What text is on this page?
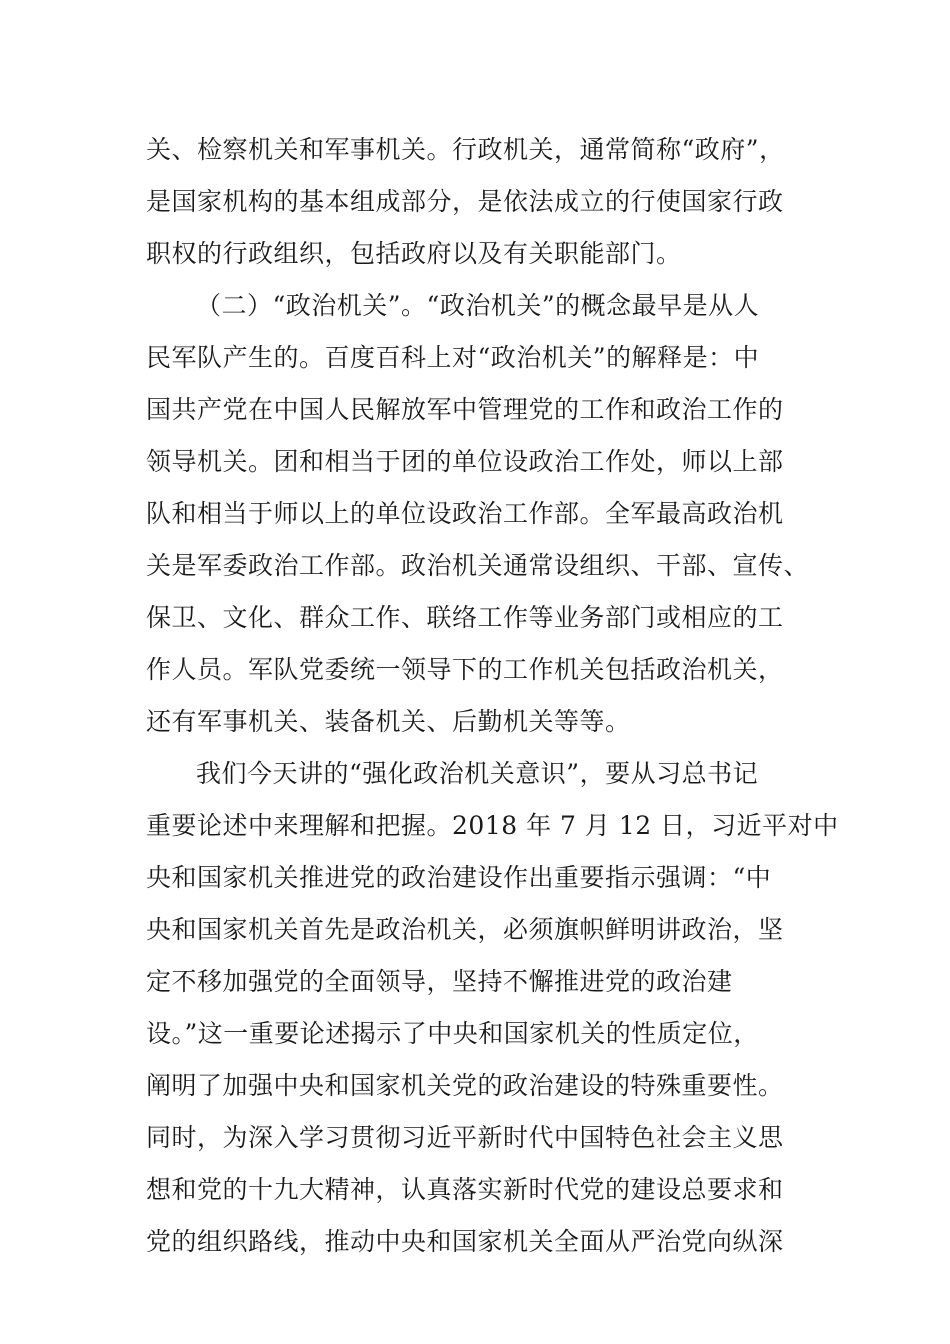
关、检察机关和军事机关。行政机关，通常简称“政府”，
是国家机构的基本组成部分，是依法成立的行使国家行政
职权的行政组织，包括政府以及有关职能部门。
（二）“政治机关”。“政治机关”的概念最早是从人
民军队产生的。百度百科上对“政治机关”的解释是：中
国共产党在中国人民解放军中管理党的工作和政治工作的
领导机关。团和相当于团的单位设政治工作处，师以上部
队和相当于师以上的单位设政治工作部。全军最高政治机
关是军委政治工作部。政治机关通常设组织、干部、宣传、
保卫、文化、群众工作、联络工作等业务部门或相应的工
作人员。军队党委统一领导下的工作机关包括政治机关，
还有军事机关、装备机关、后勤机关等等。
我们今天讲的“强化政治机关意识”，要从习总书记
重要论述中来理解和把握。2018 年 7 月 12 日，习近平对中
央和国家机关推进党的政治建设作出重要指示强调：“中
央和国家机关首先是政治机关，必须旗帜鲜明讲政治，坚
定不移加强党的全面领导，坚持不懈推进党的政治建
设。”这一重要论述揭示了中央和国家机关的性质定位，
阐明了加强中央和国家机关党的政治建设的特殊重要性。
同时，为深入学习贯彻习近平新时代中国特色社会主义思
想和党的十九大精神，认真落实新时代党的建设总要求和
党的组织路线，推动中央和国家机关全面从严治党向纵深
